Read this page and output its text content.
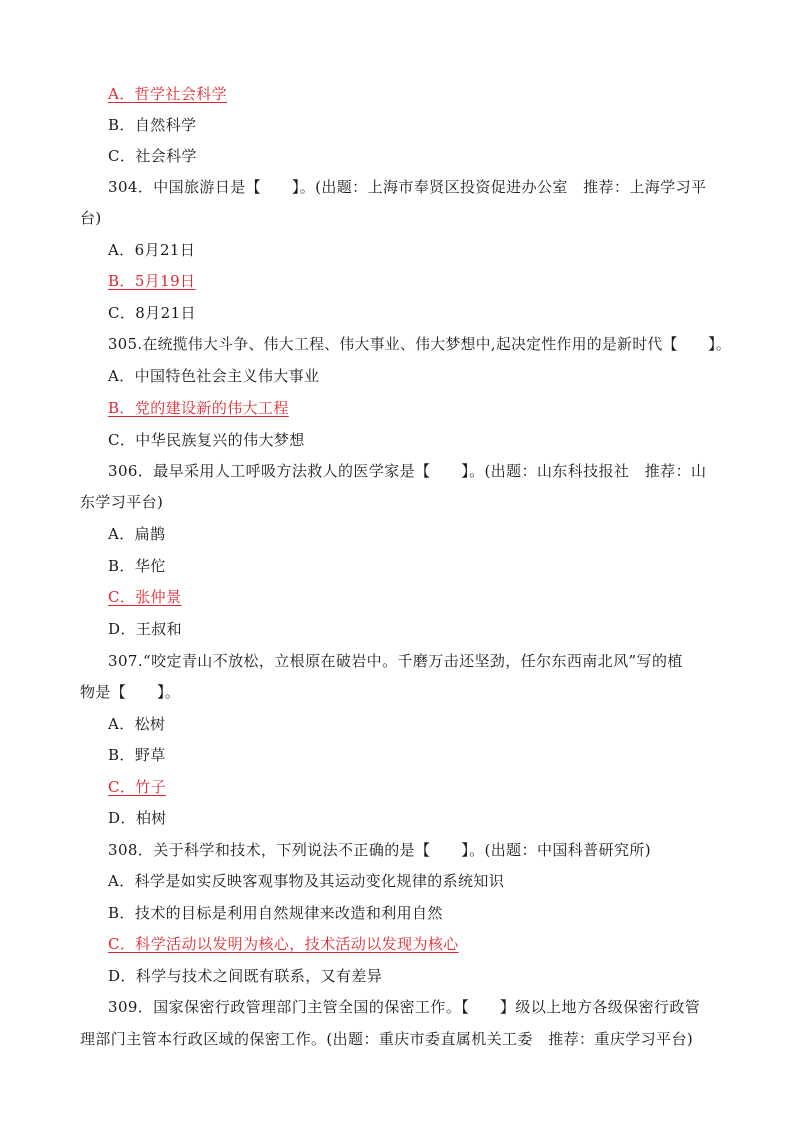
A．哲学社会科学
B．自然科学
C．社会科学
304．中国旅游日是【　　】。(出题：上海市奉贤区投资促进办公室　推荐：上海学习平
台)
A．6月21日
B．5月19日
C．8月21日
305.在统揽伟大斗争、伟大工程、伟大事业、伟大梦想中,起决定性作用的是新时代【　　】。
A．中国特色社会主义伟大事业
B．党的建设新的伟大工程
C．中华民族复兴的伟大梦想
306．最早采用人工呼吸方法救人的医学家是【　　】。(出题：山东科技报社　推荐：山
东学习平台)
A．扁鹊
B．华佗
C．张仲景
D．王叔和
307.“咬定青山不放松，立根原在破岩中。千磨万击还坚劲，任尔东西南北风”写的植
物是【　　】。
A．松树
B．野草
C．竹子
D．柏树
308．关于科学和技术，下列说法不正确的是【　　】。(出题：中国科普研究所)
A．科学是如实反映客观事物及其运动变化规律的系统知识
B．技术的目标是利用自然规律来改造和利用自然
C．科学活动以发明为核心，技术活动以发现为核心
D．科学与技术之间既有联系，又有差异
309．国家保密行政管理部门主管全国的保密工作。【　　】级以上地方各级保密行政管
理部门主管本行政区域的保密工作。(出题：重庆市委直属机关工委　推荐：重庆学习平台)
